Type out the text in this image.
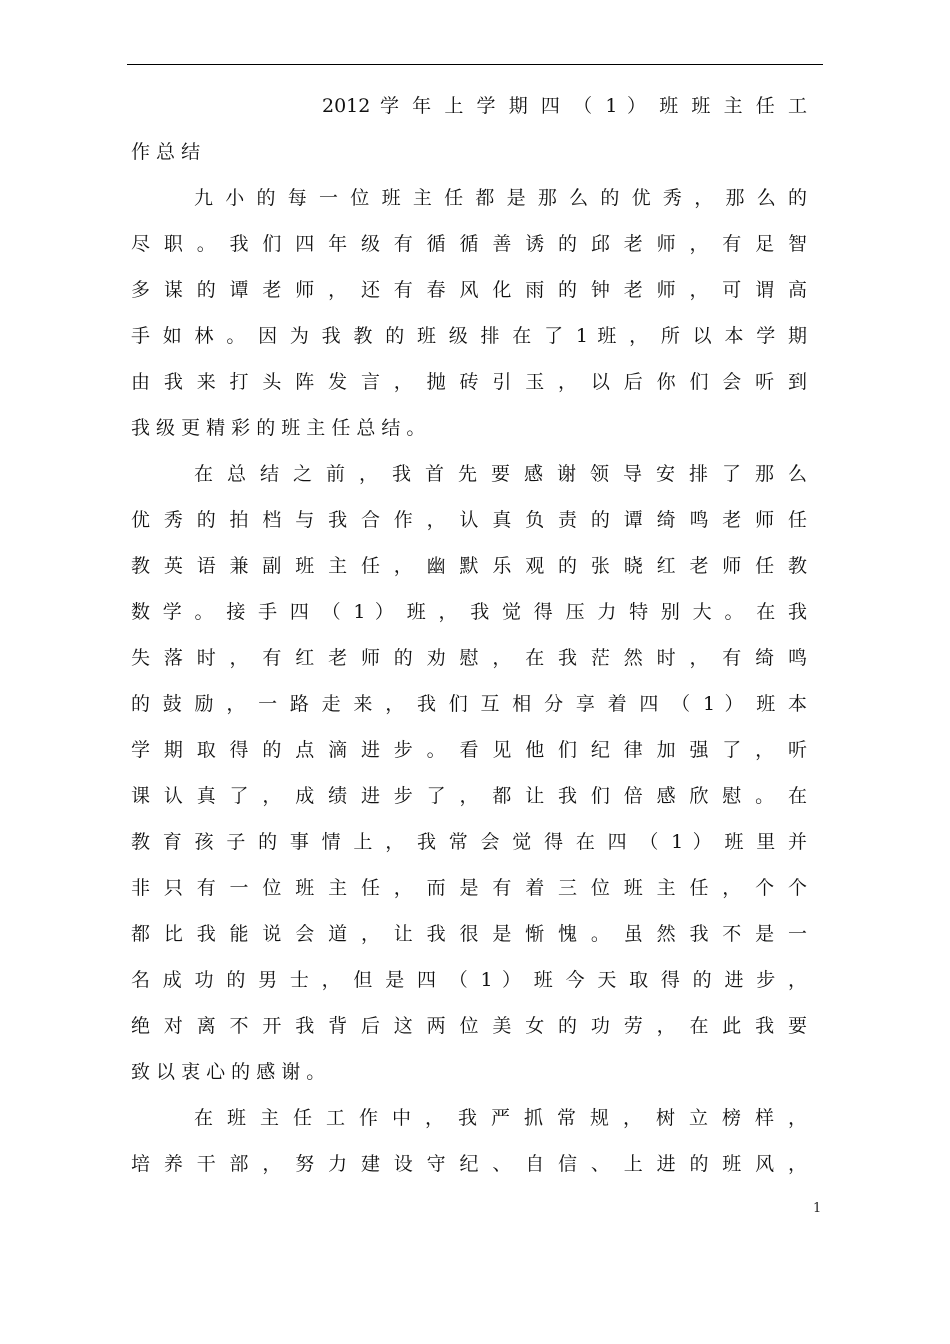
2012 学 年 上 学 期 四 （ 1 ） 班 班 主 任 工
作 总 结
九 小 的 每 一 位 班 主 任 都 是 那 么 的 优 秀 ， 那 么 的
尽 职 。 我 们 四 年 级 有 循 循 善 诱 的 邱 老 师 ， 有 足 智
多 谋 的 谭 老 师 ， 还 有 春 风 化 雨 的 钟 老 师 ， 可 谓 高
手 如 林 。 因 为 我 教 的 班 级 排 在 了 1 班 ， 所 以 本 学 期
由 我 来 打 头 阵 发 言 ， 抛 砖 引 玉 ， 以 后 你 们 会 听 到
我 级 更 精 彩 的 班 主 任 总 结 。
在 总 结 之 前 ， 我 首 先 要 感 谢 领 导 安 排 了 那 么
优 秀 的 拍 档 与 我 合 作 ， 认 真 负 责 的 谭 绮 鸣 老 师 任
教 英 语 兼 副 班 主 任 ， 幽 默 乐 观 的 张 晓 红 老 师 任 教
数 学 。 接 手 四 （ 1 ） 班 ， 我 觉 得 压 力 特 别 大 。 在 我
失 落 时 ， 有 红 老 师 的 劝 慰 ， 在 我 茫 然 时 ， 有 绮 鸣
的 鼓 励 ， 一 路 走 来 ， 我 们 互 相 分 享 着 四 （ 1 ） 班 本
学 期 取 得 的 点 滴 进 步 。 看 见 他 们 纪 律 加 强 了 ， 听
课 认 真 了 ， 成 绩 进 步 了 ， 都 让 我 们 倍 感 欣 慰 。 在
教 育 孩 子 的 事 情 上 ， 我 常 会 觉 得 在 四 （ 1 ） 班 里 并
非 只 有 一 位 班 主 任 ， 而 是 有 着 三 位 班 主 任 ， 个 个
都 比 我 能 说 会 道 ， 让 我 很 是 惭 愧 。 虽 然 我 不 是 一
名 成 功 的 男 士 ， 但 是 四 （ 1 ） 班 今 天 取 得 的 进 步 ，
绝 对 离 不 开 我 背 后 这 两 位 美 女 的 功 劳 ， 在 此 我 要
致 以 衷 心 的 感 谢 。
在 班 主 任 工 作 中 ， 我 严 抓 常 规 ， 树 立 榜 样 ，
培 养 干 部 ， 努 力 建 设 守 纪 、 自 信 、 上 进 的 班 风 ，
1
